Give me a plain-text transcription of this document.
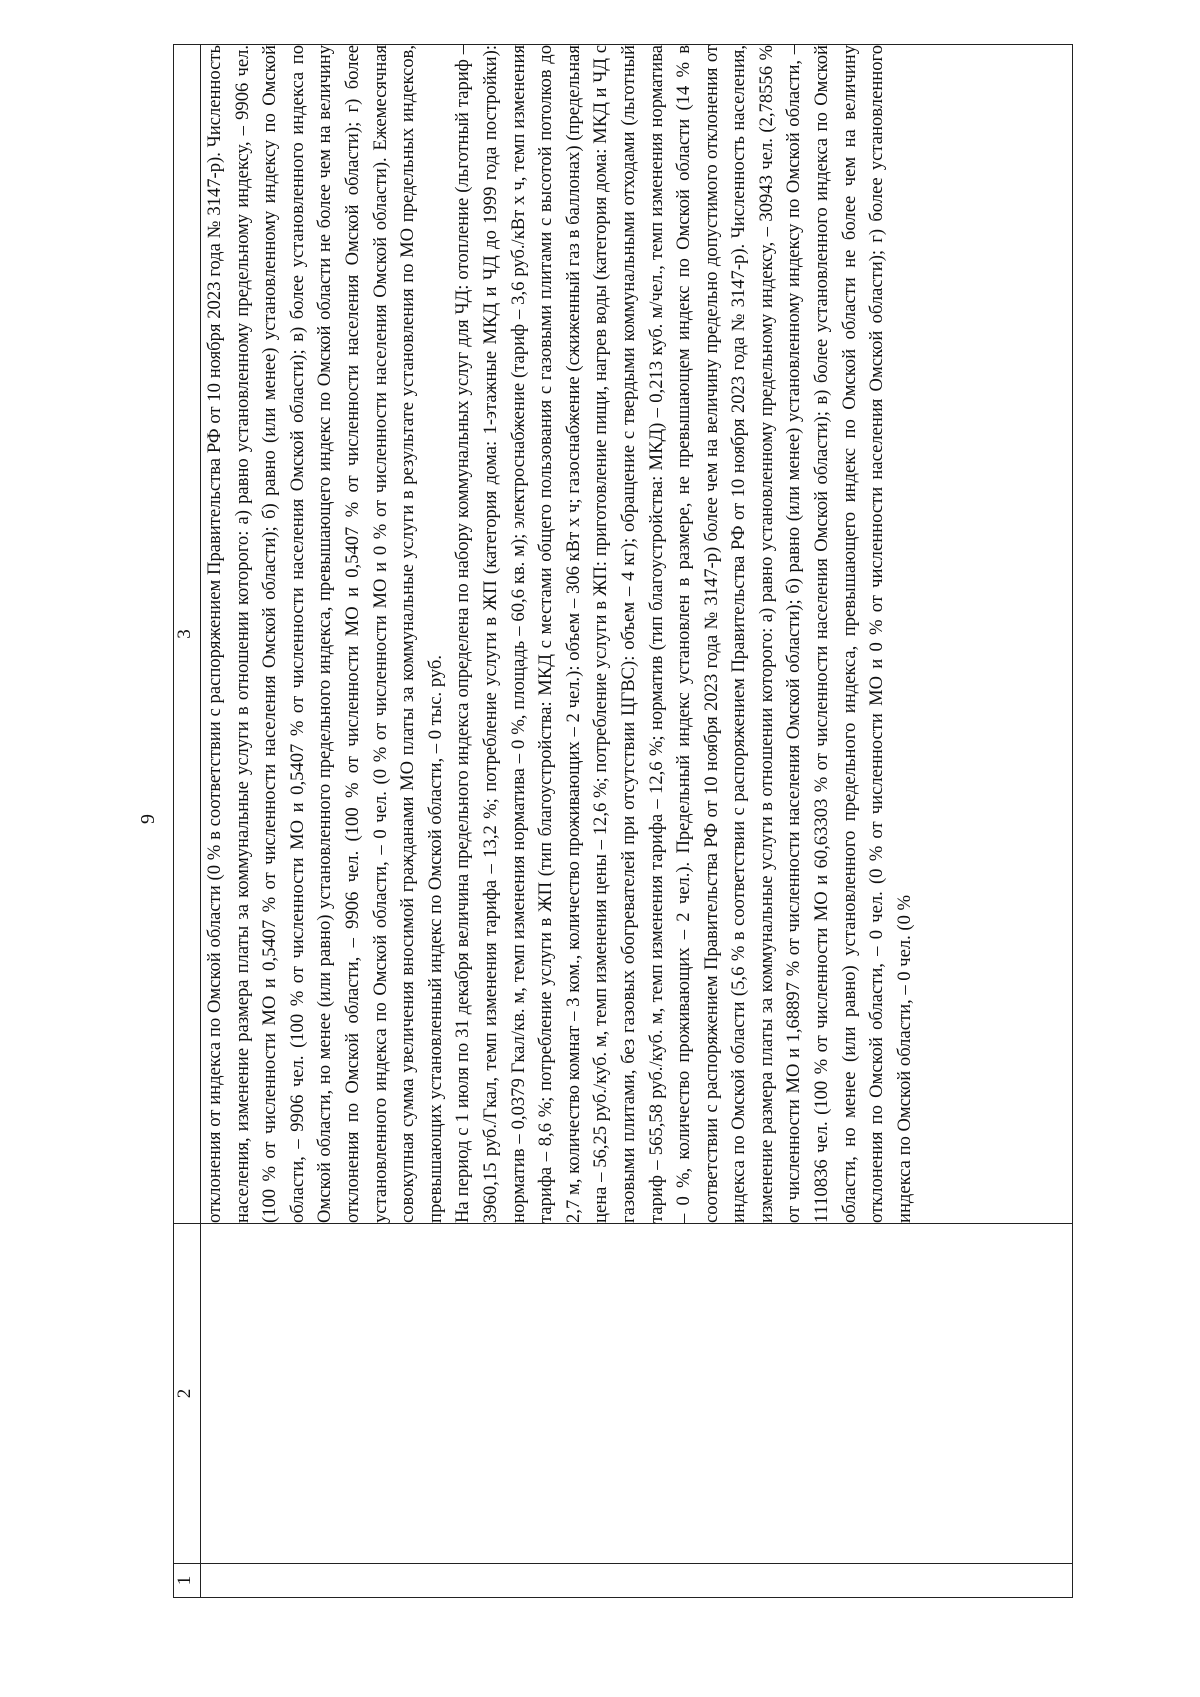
9
1	2	3

		отклонения от индекса по Омской области (0 % в соответствии с распоряжением Правительства РФ от 10 ноября 2023 года № 3147-р). Численность населения, изменение размера платы за коммунальные услуги в отношении которого: а) равно установленному предельному индексу, – 9906 чел. (100 % от численности МО и 0,5407 % от численности населения Омской области); б) равно (или менее) установленному индексу по Омской области, – 9906 чел. (100 % от численности МО и 0,5407 % от численности населения Омской области); в) более установленного индекса по Омской области, но менее (или равно) установленного предельного индекса, превышающего индекс по Омской области не более чем на величину отклонения по Омской области, – 9906 чел. (100 % от численности МО и 0,5407 % от численности населения Омской области); г) более установленного индекса по Омской области, – 0 чел. (0 % от численности МО и 0 % от численности населения Омской области). Ежемесячная совокупная сумма увеличения вносимой гражданами МО платы за коммунальные услуги в результате установления по МО предельных индексов, превышающих установленный индекс по Омской области, – 0 тыс. руб. На период с 1 июля по 31 декабря величина предельного индекса определена по набору коммунальных услуг для ЧД: отопление (льготный тариф – 3960,15 руб./Гкал, темп изменения тарифа – 13,2 %; потребление услуги в ЖП (категория дома: 1-этажные МКД и ЧД до 1999 года постройки): норматив – 0,0379 Гкал/кв. м, темп изменения норматива – 0 %, площадь – 60,6 кв. м); электроснабжение (тариф – 3,6 руб./кВт х ч, темп изменения тарифа – 8,6 %; потребление услуги в ЖП (тип благоустройства: МКД с местами общего пользования с газовыми плитами с высотой потолков до 2,7 м, количество комнат – 3 ком., количество проживающих – 2 чел.): объем – 306 кВт х ч; газоснабжение (сжиженный газ в баллонах) (предельная цена – 56,25 руб./куб. м, темп изменения цены – 12,6 %; потребление услуги в ЖП: приготовление пищи, нагрев воды (категория дома: МКД и ЧД с газовыми плитами, без газовых обогревателей при отсутствии ЦГВС): объем – 4 кг); обращение с твердыми коммунальными отходами (льготный тариф – 565,58 руб./куб. м, темп изменения тарифа – 12,6 %; норматив (тип благоустройства: МКД) – 0,213 куб. м/чел., темп изменения норматива – 0 %, количество проживающих – 2 чел.). Предельный индекс установлен в размере, не превышающем индекс по Омской области (14 % в соответствии с распоряжением Правительства РФ от 10 ноября 2023 года № 3147-р) более чем на величину предельно допустимого отклонения от индекса по Омской области (5,6 % в соответствии с распоряжением Правительства РФ от 10 ноября 2023 года № 3147-р). Численность населения, изменение размера платы за коммунальные услуги в отношении которого: а) равно установленному предельному индексу, – 30943 чел. (2,78556 % от численности МО и 1,68897 % от численности населения Омской области); б) равно (или менее) установленному индексу по Омской области, – 1110836 чел. (100 % от численности МО и 60,63303 % от численности населения Омской области); в) более установленного индекса по Омской области, но менее (или равно) установленного предельного индекса, превышающего индекс по Омской области не более чем на величину отклонения по Омской области, – 0 чел. (0 % от численности МО и 0 % от численности населения Омской области); г) более установленного индекса по Омской области, – 0 чел. (0 %
